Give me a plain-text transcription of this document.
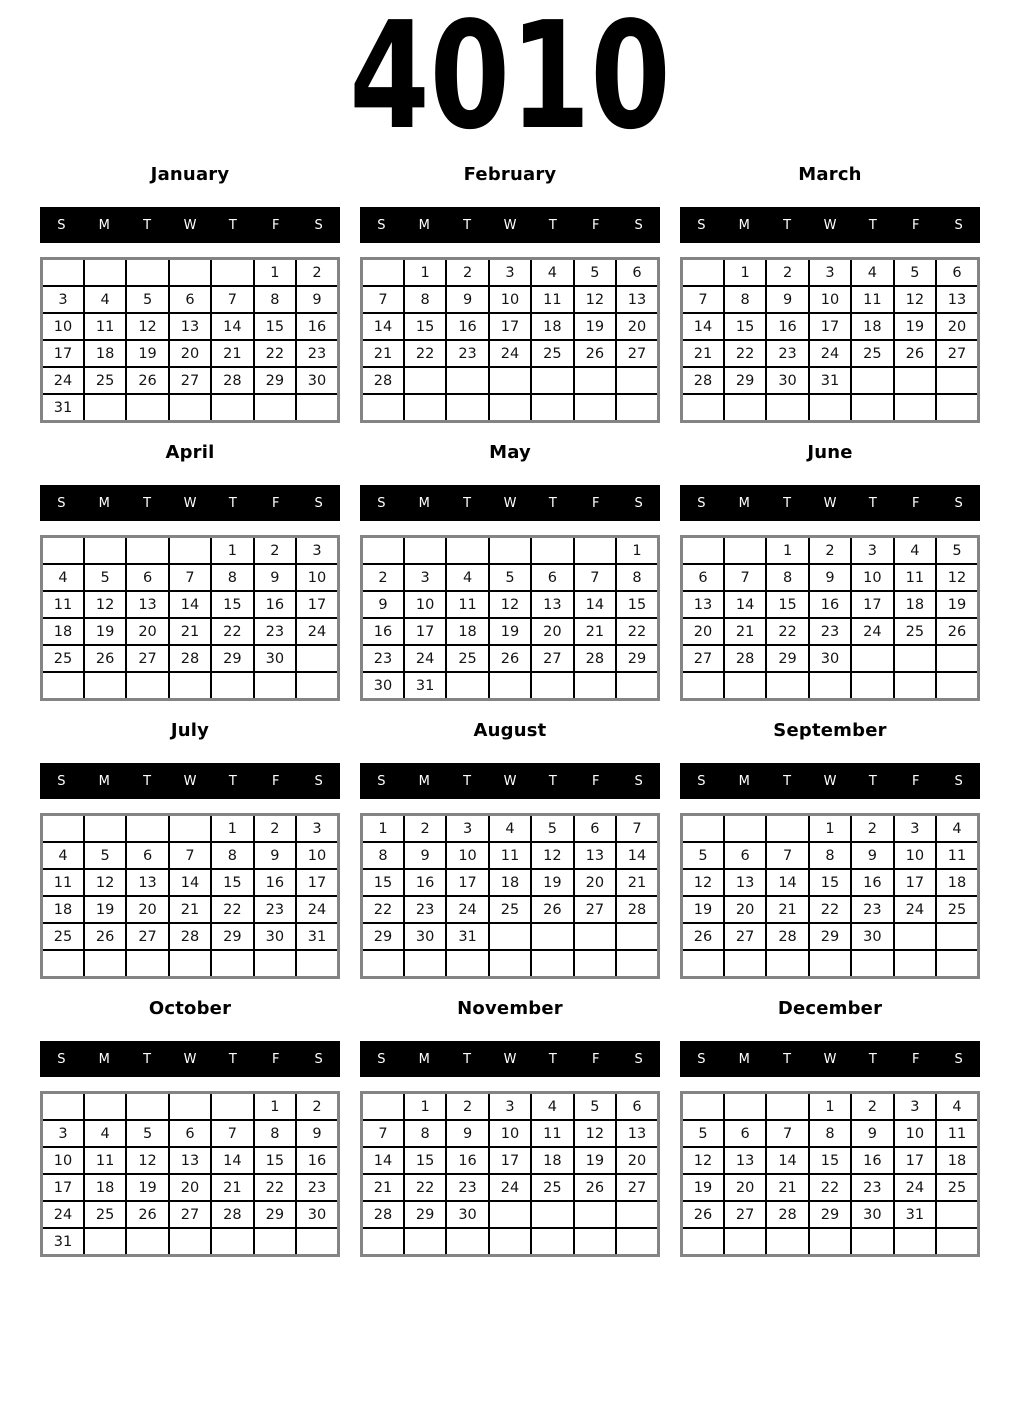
4010
January
S	M	T	W	T	F	S
					1	2
3	4	5	6	7	8	9
10	11	12	13	14	15	16
17	18	19	20	21	22	23
24	25	26	27	28	29	30
31						
February
S	M	T	W	T	F	S
	1	2	3	4	5	6
7	8	9	10	11	12	13
14	15	16	17	18	19	20
21	22	23	24	25	26	27
28						

March
S	M	T	W	T	F	S
	1	2	3	4	5	6
7	8	9	10	11	12	13
14	15	16	17	18	19	20
21	22	23	24	25	26	27
28	29	30	31			

April
S	M	T	W	T	F	S
				1	2	3
4	5	6	7	8	9	10
11	12	13	14	15	16	17
18	19	20	21	22	23	24
25	26	27	28	29	30	

May
S	M	T	W	T	F	S
						1
2	3	4	5	6	7	8
9	10	11	12	13	14	15
16	17	18	19	20	21	22
23	24	25	26	27	28	29
30	31					
June
S	M	T	W	T	F	S
		1	2	3	4	5
6	7	8	9	10	11	12
13	14	15	16	17	18	19
20	21	22	23	24	25	26
27	28	29	30			

July
S	M	T	W	T	F	S
				1	2	3
4	5	6	7	8	9	10
11	12	13	14	15	16	17
18	19	20	21	22	23	24
25	26	27	28	29	30	31

August
S	M	T	W	T	F	S
1	2	3	4	5	6	7
8	9	10	11	12	13	14
15	16	17	18	19	20	21
22	23	24	25	26	27	28
29	30	31				

September
S	M	T	W	T	F	S
			1	2	3	4
5	6	7	8	9	10	11
12	13	14	15	16	17	18
19	20	21	22	23	24	25
26	27	28	29	30		

October
S	M	T	W	T	F	S
					1	2
3	4	5	6	7	8	9
10	11	12	13	14	15	16
17	18	19	20	21	22	23
24	25	26	27	28	29	30
31						
November
S	M	T	W	T	F	S
	1	2	3	4	5	6
7	8	9	10	11	12	13
14	15	16	17	18	19	20
21	22	23	24	25	26	27
28	29	30				

December
S	M	T	W	T	F	S
			1	2	3	4
5	6	7	8	9	10	11
12	13	14	15	16	17	18
19	20	21	22	23	24	25
26	27	28	29	30	31	
